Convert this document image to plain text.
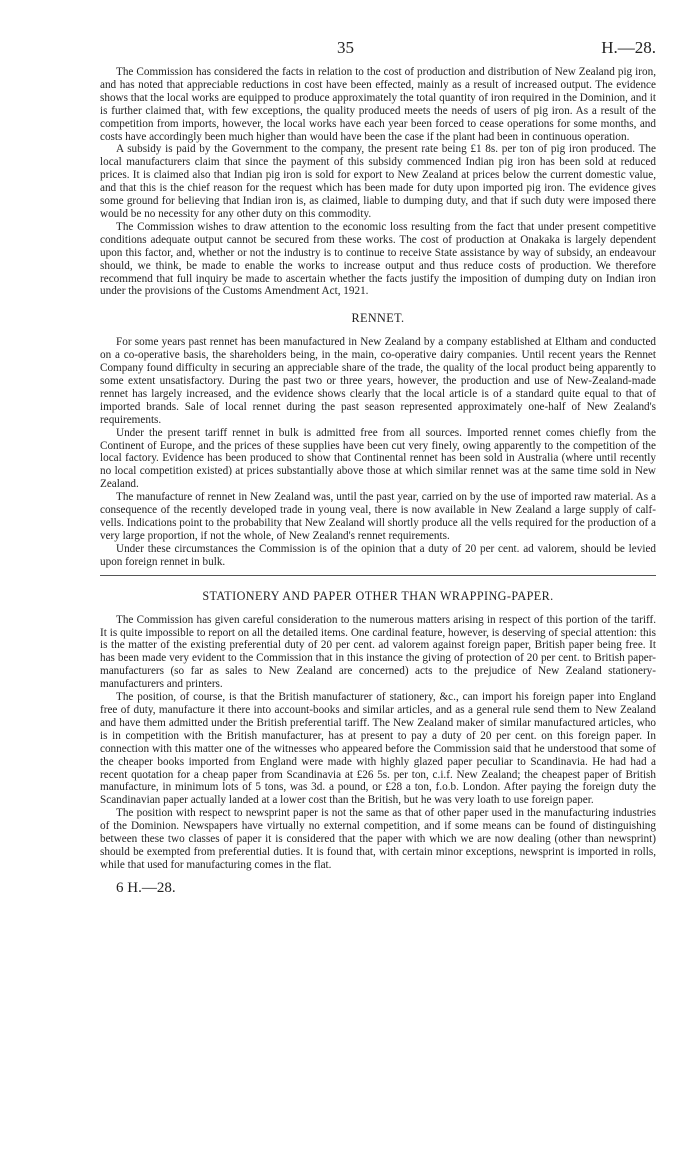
35	H.—28.

The Commission has considered the facts in relation to the cost of production and distribution of New Zealand pig iron, and has noted that appreciable reductions in cost have been effected, mainly as a result of increased output. The evidence shows that the local works are equipped to produce approximately the total quantity of iron required in the Dominion, and it is further claimed that, with few exceptions, the quality produced meets the needs of users of pig iron. As a result of the competition from imports, however, the local works have each year been forced to cease operations for some months, and costs have accordingly been much higher than would have been the case if the plant had been in continuous operation.

A subsidy is paid by the Government to the company, the present rate being £1 8s. per ton of pig iron produced. The local manufacturers claim that since the payment of this subsidy commenced Indian pig iron has been sold at reduced prices. It is claimed also that Indian pig iron is sold for export to New Zealand at prices below the current domestic value, and that this is the chief reason for the request which has been made for duty upon imported pig iron. The evidence gives some ground for believing that Indian iron is, as claimed, liable to dumping duty, and that if such duty were imposed there would be no necessity for any other duty on this commodity.

The Commission wishes to draw attention to the economic loss resulting from the fact that under present competitive conditions adequate output cannot be secured from these works. The cost of production at Onakaka is largely dependent upon this factor, and, whether or not the industry is to continue to receive State assistance by way of subsidy, an endeavour should, we think, be made to enable the works to increase output and thus reduce costs of production. We therefore recommend that full inquiry be made to ascertain whether the facts justify the imposition of dumping duty on Indian iron under the provisions of the Customs Amendment Act, 1921.

RENNET.

For some years past rennet has been manufactured in New Zealand by a company established at Eltham and conducted on a co-operative basis, the shareholders being, in the main, co-operative dairy companies. Until recent years the Rennet Company found difficulty in securing an appreciable share of the trade, the quality of the local product being apparently to some extent unsatisfactory. During the past two or three years, however, the production and use of New-Zealand-made rennet has largely increased, and the evidence shows clearly that the local article is of a standard quite equal to that of imported brands. Sale of local rennet during the past season represented approximately one-half of New Zealand's requirements.

Under the present tariff rennet in bulk is admitted free from all sources. Imported rennet comes chiefly from the Continent of Europe, and the prices of these supplies have been cut very finely, owing apparently to the competition of the local factory. Evidence has been produced to show that Continental rennet has been sold in Australia (where until recently no local competition existed) at prices substantially above those at which similar rennet was at the same time sold in New Zealand.

The manufacture of rennet in New Zealand was, until the past year, carried on by the use of imported raw material. As a consequence of the recently developed trade in young veal, there is now available in New Zealand a large supply of calf-vells. Indications point to the probability that New Zealand will shortly produce all the vells required for the production of a very large proportion, if not the whole, of New Zealand's rennet requirements.

Under these circumstances the Commission is of the opinion that a duty of 20 per cent. ad valorem, should be levied upon foreign rennet in bulk.

STATIONERY AND PAPER OTHER THAN WRAPPING-PAPER.

The Commission has given careful consideration to the numerous matters arising in respect of this portion of the tariff. It is quite impossible to report on all the detailed items. One cardinal feature, however, is deserving of special attention: this is the matter of the existing preferential duty of 20 per cent. ad valorem against foreign paper, British paper being free. It has been made very evident to the Commission that in this instance the giving of protection of 20 per cent. to British paper-manufacturers (so far as sales to New Zealand are concerned) acts to the prejudice of New Zealand stationery-manufacturers and printers.

The position, of course, is that the British manufacturer of stationery, &c., can import his foreign paper into England free of duty, manufacture it there into account-books and similar articles, and as a general rule send them to New Zealand and have them admitted under the British preferential tariff. The New Zealand maker of similar manufactured articles, who is in competition with the British manufacturer, has at present to pay a duty of 20 per cent. on this foreign paper. In connection with this matter one of the witnesses who appeared before the Commission said that he understood that some of the cheaper books imported from England were made with highly glazed paper peculiar to Scandinavia. He had had a recent quotation for a cheap paper from Scandinavia at £26 5s. per ton, c.i.f. New Zealand; the cheapest paper of British manufacture, in minimum lots of 5 tons, was 3d. a pound, or £28 a ton, f.o.b. London. After paying the foreign duty the Scandinavian paper actually landed at a lower cost than the British, but he was very loath to use foreign paper.

The position with respect to newsprint paper is not the same as that of other paper used in the manufacturing industries of the Dominion. Newspapers have virtually no external competition, and if some means can be found of distinguishing between these two classes of paper it is considered that the paper with which we are now dealing (other than newsprint) should be exempted from preferential duties. It is found that, with certain minor exceptions, newsprint is imported in rolls, while that used for manufacturing comes in the flat.

6 H.—28.
